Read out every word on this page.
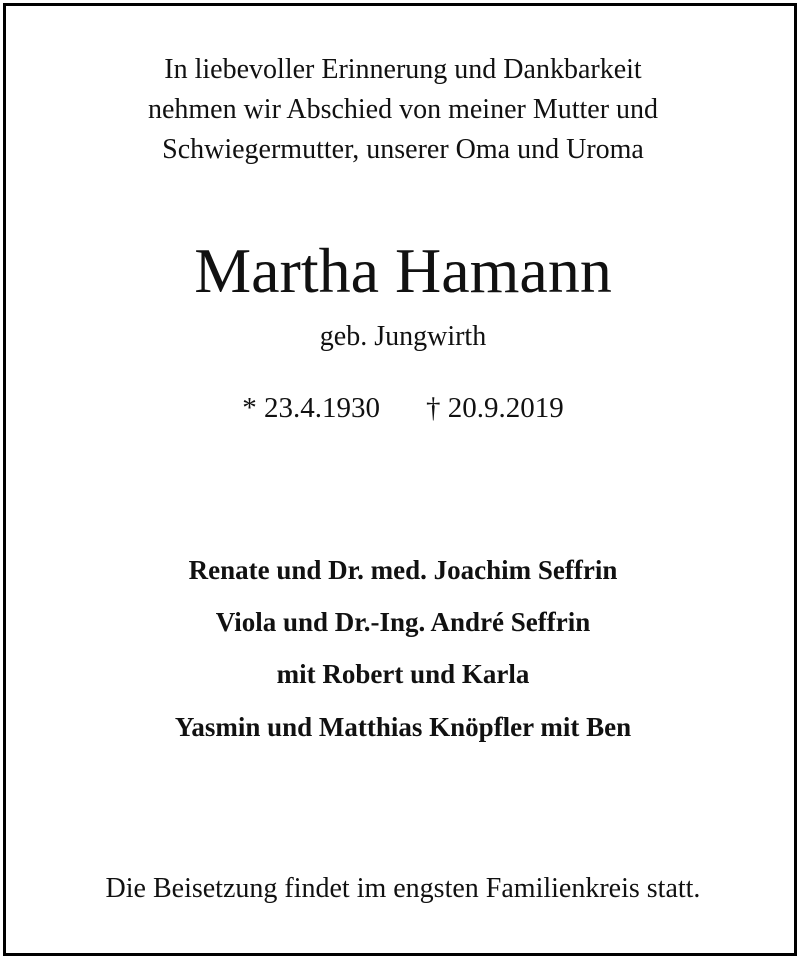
In liebevoller Erinnerung und Dankbarkeit
nehmen wir Abschied von meiner Mutter und
Schwiegermutter, unserer Oma und Uroma
Martha Hamann
geb. Jungwirth
* 23.4.1930 † 20.9.2019
Renate und Dr. med. Joachim Seffrin
Viola und Dr.-Ing. André Seffrin
mit Robert und Karla
Yasmin und Matthias Knöpfler mit Ben
Die Beisetzung findet im engsten Familienkreis statt.
